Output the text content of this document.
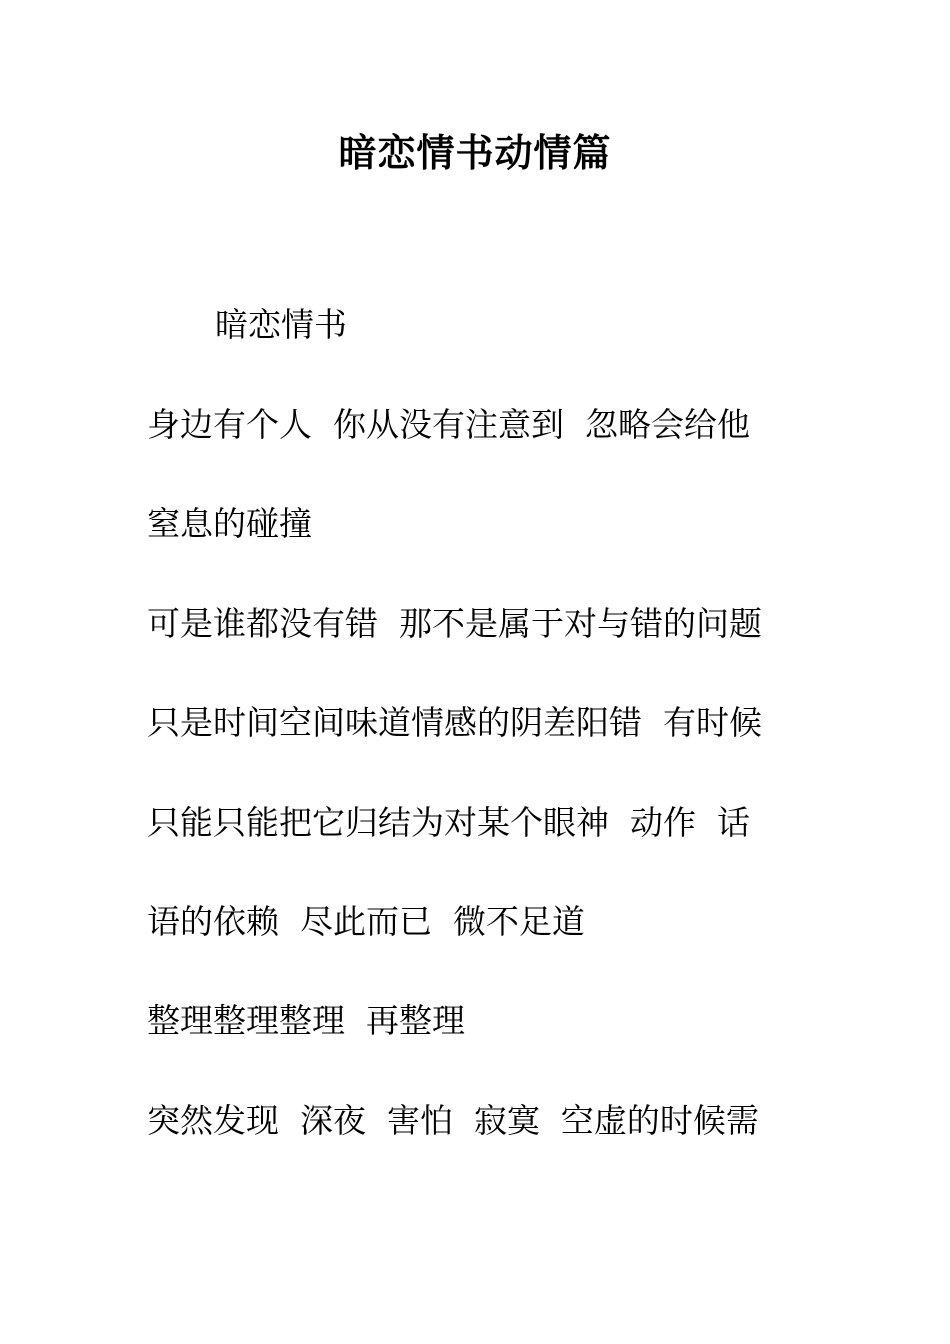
暗恋情书动情篇
暗恋情书
身边有个人  你从没有注意到  忽略会给他
窒息的碰撞
可是谁都没有错  那不是属于对与错的问题
只是时间空间味道情感的阴差阳错  有时候
只能只能把它归结为对某个眼神  动作  话
语的依赖  尽此而已  微不足道
整理整理整理  再整理
突然发现  深夜  害怕  寂寞  空虚的时候需
